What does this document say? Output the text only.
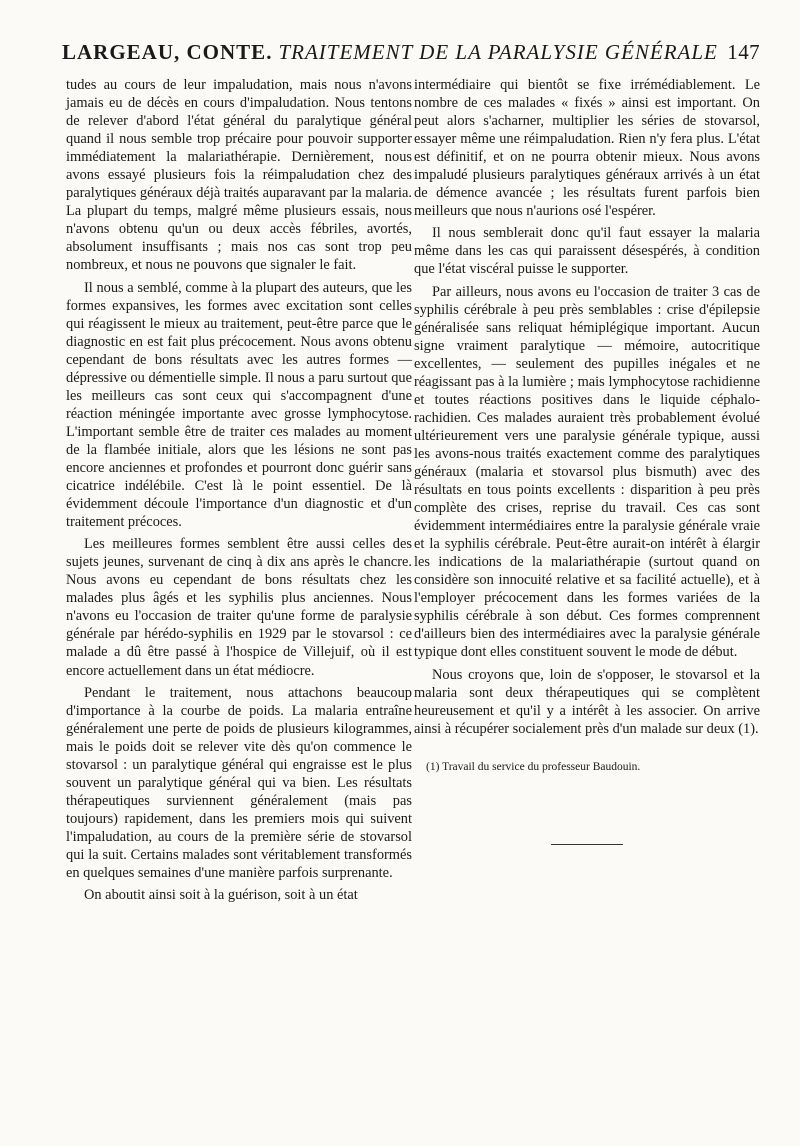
LARGEAU, CONTE. TRAITEMENT DE LA PARALYSIE GÉNÉRALE 147

tudes au cours de leur impaludation, mais nous n'avons jamais eu de décès en cours d'impaludation. Nous tentons de relever d'abord l'état général du paralytique général quand il nous semble trop précaire pour pouvoir supporter immédiatement la malariathérapie. Dernièrement, nous avons essayé plusieurs fois la réimpaludation chez des paralytiques généraux déjà traités auparavant par la malaria. La plupart du temps, malgré même plusieurs essais, nous n'avons obtenu qu'un ou deux accès fébriles, avortés, absolument insuffisants ; mais nos cas sont trop peu nombreux, et nous ne pouvons que signaler le fait.

Il nous a semblé, comme à la plupart des auteurs, que les formes expansives, les formes avec excitation sont celles qui réagissent le mieux au traitement, peut-être parce que le diagnostic en est fait plus précocement. Nous avons obtenu cependant de bons résultats avec les autres formes — dépressive ou démentielle simple. Il nous a paru surtout que les meilleurs cas sont ceux qui s'accompagnent d'une réaction méningée importante avec grosse lymphocytose. L'important semble être de traiter ces malades au moment de la flambée initiale, alors que les lésions ne sont pas encore anciennes et profondes et pourront donc guérir sans cicatrice indélébile. C'est là le point essentiel. De là évidemment découle l'importance d'un diagnostic et d'un traitement précoces.

Les meilleures formes semblent être aussi celles des sujets jeunes, survenant de cinq à dix ans après le chancre. Nous avons eu cependant de bons résultats chez les malades plus âgés et les syphilis plus anciennes. Nous n'avons eu l'occasion de traiter qu'une forme de paralysie générale par hérédo-syphilis en 1929 par le stovarsol : ce malade a dû être passé à l'hospice de Villejuif, où il est encore actuellement dans un état médiocre.

Pendant le traitement, nous attachons beaucoup d'importance à la courbe de poids. La malaria entraîne généralement une perte de poids de plusieurs kilogrammes, mais le poids doit se relever vite dès qu'on commence le stovarsol : un paralytique général qui engraisse est le plus souvent un paralytique général qui va bien. Les résultats thérapeutiques surviennent généralement (mais pas toujours) rapidement, dans les premiers mois qui suivent l'impaludation, au cours de la première série de stovarsol qui la suit. Certains malades sont véritablement transformés en quelques semaines d'une manière parfois surprenante.

On aboutit ainsi soit à la guérison, soit à un état

intermédiaire qui bientôt se fixe irrémédiablement. Le nombre de ces malades « fixés » ainsi est important. On peut alors s'acharner, multiplier les séries de stovarsol, essayer même une réimpaludation. Rien n'y fera plus. L'état est définitif, et on ne pourra obtenir mieux. Nous avons impaludé plusieurs paralytiques généraux arrivés à un état de démence avancée ; les résultats furent parfois bien meilleurs que nous n'aurions osé l'espérer.

Il nous semblerait donc qu'il faut essayer la malaria même dans les cas qui paraissent désespérés, à condition que l'état viscéral puisse le supporter.

Par ailleurs, nous avons eu l'occasion de traiter 3 cas de syphilis cérébrale à peu près semblables : crise d'épilepsie généralisée sans reliquat hémiplégique important. Aucun signe vraiment paralytique — mémoire, autocritique excellentes, — seulement des pupilles inégales et ne réagissant pas à la lumière ; mais lymphocytose rachidienne et toutes réactions positives dans le liquide céphalo-rachidien. Ces malades auraient très probablement évolué ultérieurement vers une paralysie générale typique, aussi les avons-nous traités exactement comme des paralytiques généraux (malaria et stovarsol plus bismuth) avec des résultats en tous points excellents : disparition à peu près complète des crises, reprise du travail. Ces cas sont évidemment intermédiaires entre la paralysie générale vraie et la syphilis cérébrale. Peut-être aurait-on intérêt à élargir les indications de la malariathérapie (surtout quand on considère son innocuité relative et sa facilité actuelle), et à l'employer précocement dans les formes variées de la syphilis cérébrale à son début. Ces formes comprennent d'ailleurs bien des intermédiaires avec la paralysie générale typique dont elles constituent souvent le mode de début.

Nous croyons que, loin de s'opposer, le stovarsol et la malaria sont deux thérapeutiques qui se complètent heureusement et qu'il y a intérêt à les associer. On arrive ainsi à récupérer socialement près d'un malade sur deux (1).

(1) Travail du service du professeur Baudouin.
